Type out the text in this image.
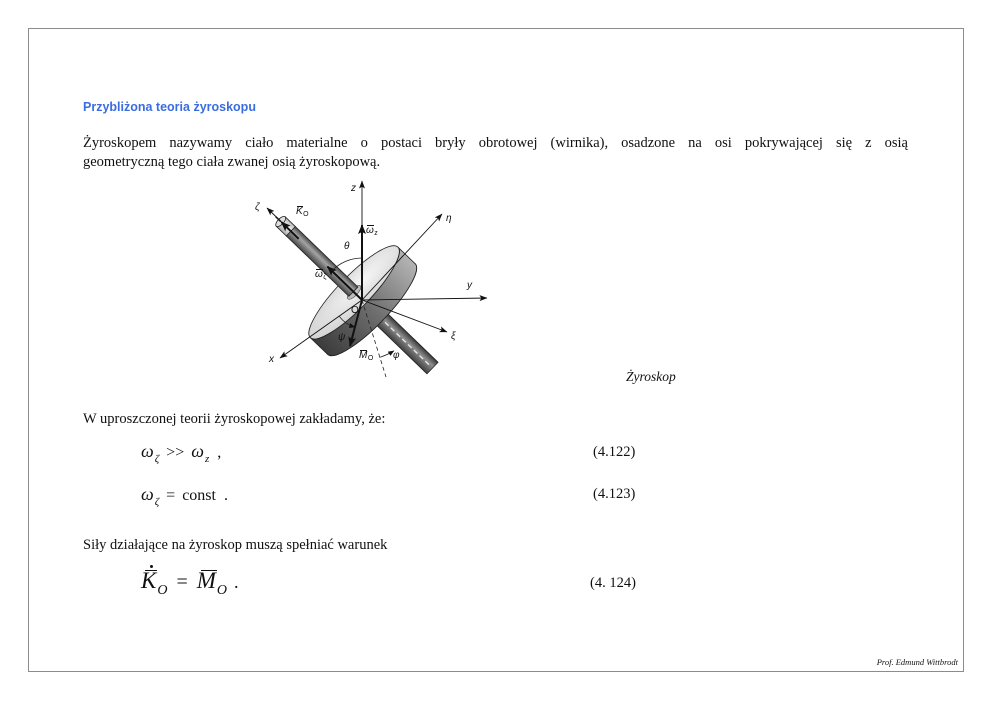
Przybliżona teoria żyroskopu
Żyroskopem nazywamy ciało materialne o postaci bryły obrotowej (wirnika), osadzone na osi pokrywającej się z osią
geometryczną tego ciała zwanej osią żyroskopową.
z
ζ	$K_O$	η
θ
$\omega_z$
$\omega_\zeta$
y
O
ψ
x	$M_O$ φ
ξ
Żyroskop
W uproszczonej teorii żyroskopowej zakładamy, że:
$\omega_\zeta >> \omega_z$ ,	(4.122)
$\omega_\zeta$ = const .	(4.123)
Siły działające na żyroskop muszą spełniać warunek
$K_O = M_O$ .	(4. 124)
Prof. Edmund Wittbrodt
